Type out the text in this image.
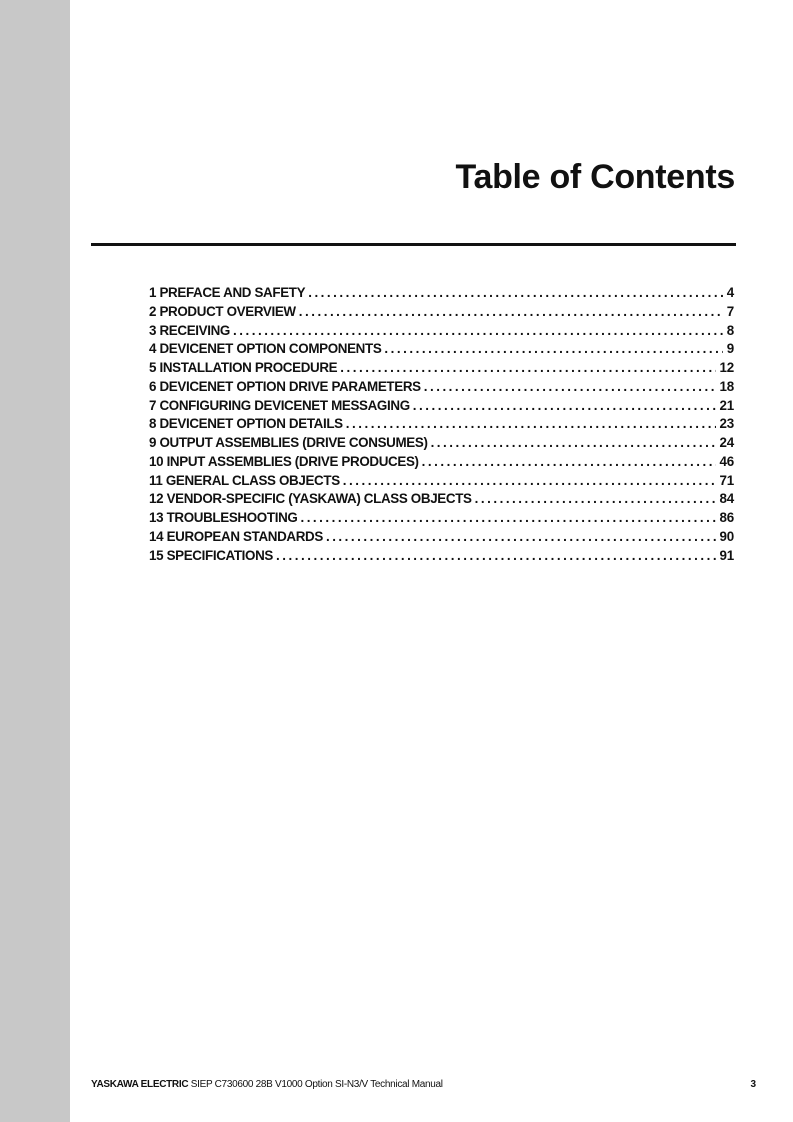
Table of Contents
1 PREFACE AND SAFETY . . .	4
2 PRODUCT OVERVIEW . . .	7
3 RECEIVING . . .	8
4 DEVICENET OPTION COMPONENTS . . .	9
5 INSTALLATION PROCEDURE . . .	12
6 DEVICENET OPTION DRIVE PARAMETERS . . .	18
7 CONFIGURING DEVICENET MESSAGING . . .	21
8 DEVICENET OPTION DETAILS . . .	23
9 OUTPUT ASSEMBLIES (DRIVE CONSUMES) . . .	24
10 INPUT ASSEMBLIES (DRIVE PRODUCES) . . .	46
11 GENERAL CLASS OBJECTS . . .	71
12 VENDOR-SPECIFIC (YASKAWA) CLASS OBJECTS . . .	84
13 TROUBLESHOOTING . . .	86
14 EUROPEAN STANDARDS . . .	90
15 SPECIFICATIONS . . .	91
YASKAWA ELECTRIC SIEP C730600 28B V1000 Option SI-N3/V Technical Manual	3
